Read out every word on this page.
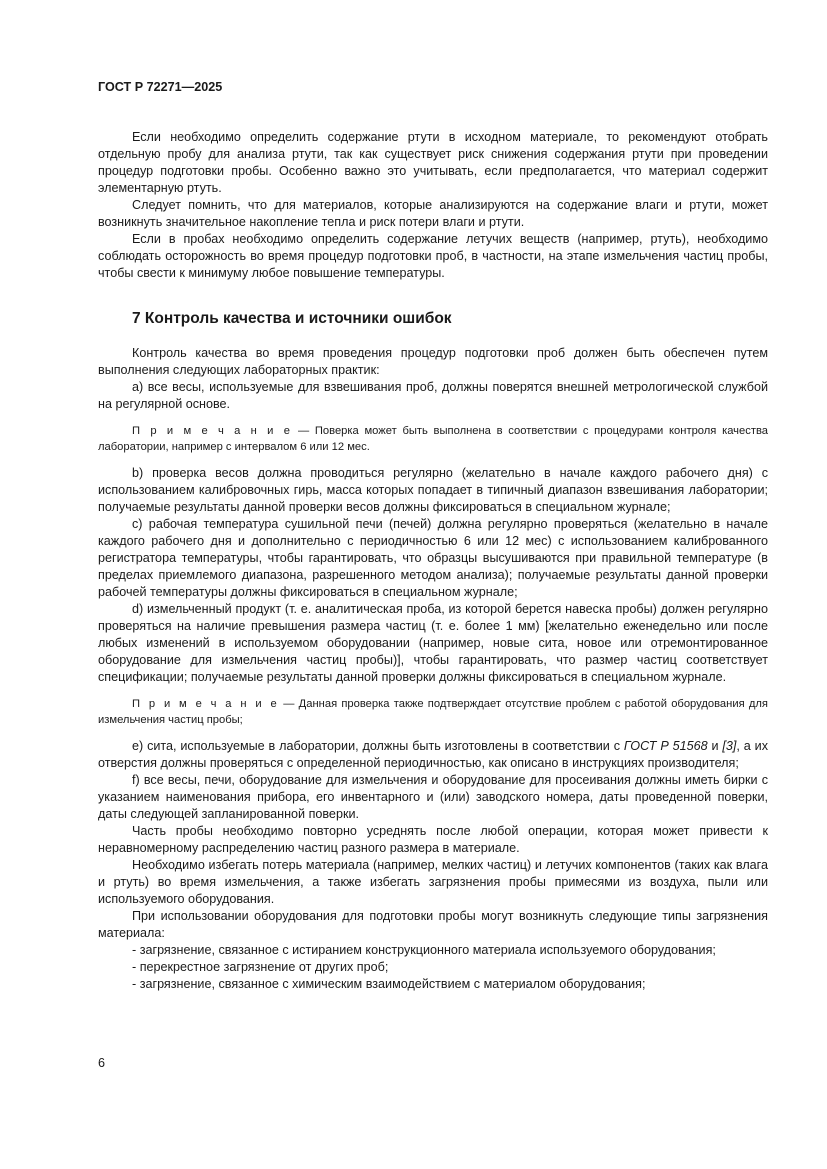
ГОСТ Р 72271—2025

Если необходимо определить содержание ртути в исходном материале, то рекомендуют отобрать отдельную пробу для анализа ртути, так как существует риск снижения содержания ртути при проведении процедур подготовки пробы. Особенно важно это учитывать, если предполагается, что материал содержит элементарную ртуть.

Следует помнить, что для материалов, которые анализируются на содержание влаги и ртути, может возникнуть значительное накопление тепла и риск потери влаги и ртути.

Если в пробах необходимо определить содержание летучих веществ (например, ртуть), необходимо соблюдать осторожность во время процедур подготовки проб, в частности, на этапе измельчения частиц пробы, чтобы свести к минимуму любое повышение температуры.

7 Контроль качества и источники ошибок

Контроль качества во время проведения процедур подготовки проб должен быть обеспечен путем выполнения следующих лабораторных практик:

а) все весы, используемые для взвешивания проб, должны поверятся внешней метрологической службой на регулярной основе.

П р и м е ч а н и е — Поверка может быть выполнена в соответствии с процедурами контроля качества лаборатории, например с интервалом 6 или 12 мес.

b) проверка весов должна проводиться регулярно (желательно в начале каждого рабочего дня) с использованием калибровочных гирь, масса которых попадает в типичный диапазон взвешивания лаборатории; получаемые результаты данной проверки весов должны фиксироваться в специальном журнале;

с) рабочая температура сушильной печи (печей) должна регулярно проверяться (желательно в начале каждого рабочего дня и дополнительно с периодичностью 6 или 12 мес) с использованием калиброванного регистратора температуры, чтобы гарантировать, что образцы высушиваются при правильной температуре (в пределах приемлемого диапазона, разрешенного методом анализа); получаемые результаты данной проверки рабочей температуры должны фиксироваться в специальном журнале;

d) измельченный продукт (т. е. аналитическая проба, из которой берется навеска пробы) должен регулярно проверяться на наличие превышения размера частиц (т. е. более 1 мм) [желательно еженедельно или после любых изменений в используемом оборудовании (например, новые сита, новое или отремонтированное оборудование для измельчения частиц пробы)], чтобы гарантировать, что размер частиц соответствует спецификации; получаемые результаты данной проверки должны фиксироваться в специальном журнале.

П р и м е ч а н и е — Данная проверка также подтверждает отсутствие проблем с работой оборудования для измельчения частиц пробы;

е) сита, используемые в лаборатории, должны быть изготовлены в соответствии с ГОСТ Р 51568 и [3], а их отверстия должны проверяться с определенной периодичностью, как описано в инструкциях производителя;

f) все весы, печи, оборудование для измельчения и оборудование для просеивания должны иметь бирки с указанием наименования прибора, его инвентарного и (или) заводского номера, даты проведенной поверки, даты следующей запланированной поверки.

Часть пробы необходимо повторно усреднять после любой операции, которая может привести к неравномерному распределению частиц разного размера в материале.

Необходимо избегать потерь материала (например, мелких частиц) и летучих компонентов (таких как влага и ртуть) во время измельчения, а также избегать загрязнения пробы примесями из воздуха, пыли или используемого оборудования.

При использовании оборудования для подготовки пробы могут возникнуть следующие типы загрязнения материала:

- загрязнение, связанное с истиранием конструкционного материала используемого оборудования;

- перекрестное загрязнение от других проб;

- загрязнение, связанное с химическим взаимодействием с материалом оборудования;

6
